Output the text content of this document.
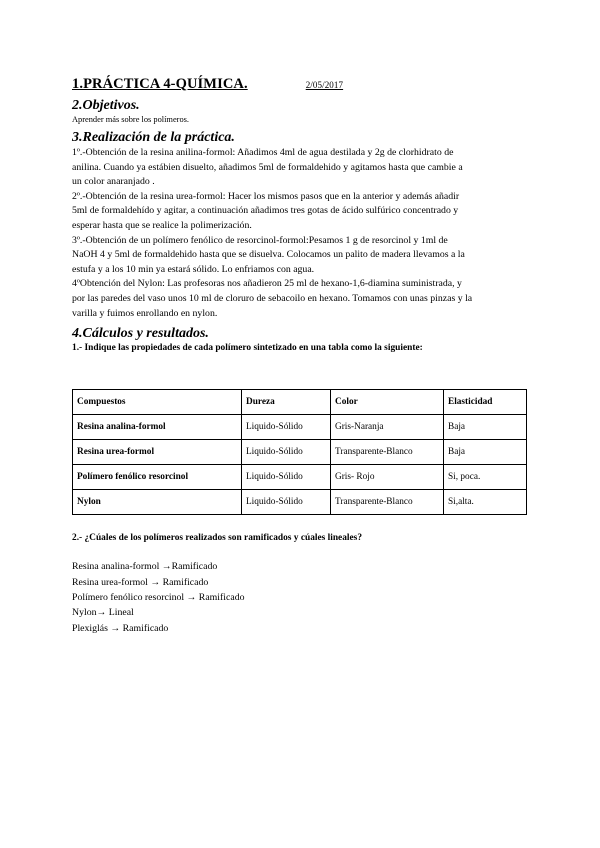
1.PRÁCTICA 4-QUÍMICA.	2/05/2017
2.Objetivos.
Aprender más sobre los polímeros.
3.Realización de la práctica.
1º.-Obtención de la resina anilina-formol: Añadimos 4ml de agua destilada y 2g de clorhidrato de
anilina. Cuando ya estábien disuelto, añadimos 5ml de formaldehido y agitamos hasta que cambie a
un color anaranjado .
2º.-Obtención de la resina urea-formol: Hacer los mismos pasos que en la anterior y además añadir
5ml de formaldehído y agitar, a continuación añadimos tres gotas de ácido sulfúrico concentrado y
esperar hasta que se realice la polimerización.
3º.-Obtención de un polímero fenólico de resorcinol-formol:Pesamos 1 g de resorcinol y 1ml de
NaOH 4 y 5ml de formaldehido hasta que se disuelva. Colocamos un palito de madera llevamos a la
estufa y a los 10 min ya estará sólido. Lo enfriamos con agua.
4ºObtención del Nylon: Las profesoras nos añadieron 25 ml de hexano-1,6-diamina suministrada, y
por las paredes del vaso unos 10 ml de cloruro de sebacoilo en hexano. Tomamos con unas pinzas y la
varilla y fuimos enrollando en nylon.
4.Cálculos y resultados.
1.- Indique las propiedades de cada polímero sintetizado en una tabla como la siguiente:
Compuestos	Dureza	Color	Elasticidad
Resina analina-formol	Liquido-Sólido	Gris-Naranja	Baja
Resina urea-formol	Liquido-Sólido	Transparente-Blanco	Baja
Polímero fenólico resorcinol	Liquido-Sólido	Gris- Rojo	Si, poca.
Nylon	Liquido-Sólido	Transparente-Blanco	Si,alta.
2.- ¿Cúales de los polímeros realizados son ramificados y cúales lineales?
Resina analina-formol →Ramificado
Resina urea-formol → Ramificado
Polímero fenólico resorcinol → Ramificado
Nylon→ Lineal
Plexiglás → Ramificado
